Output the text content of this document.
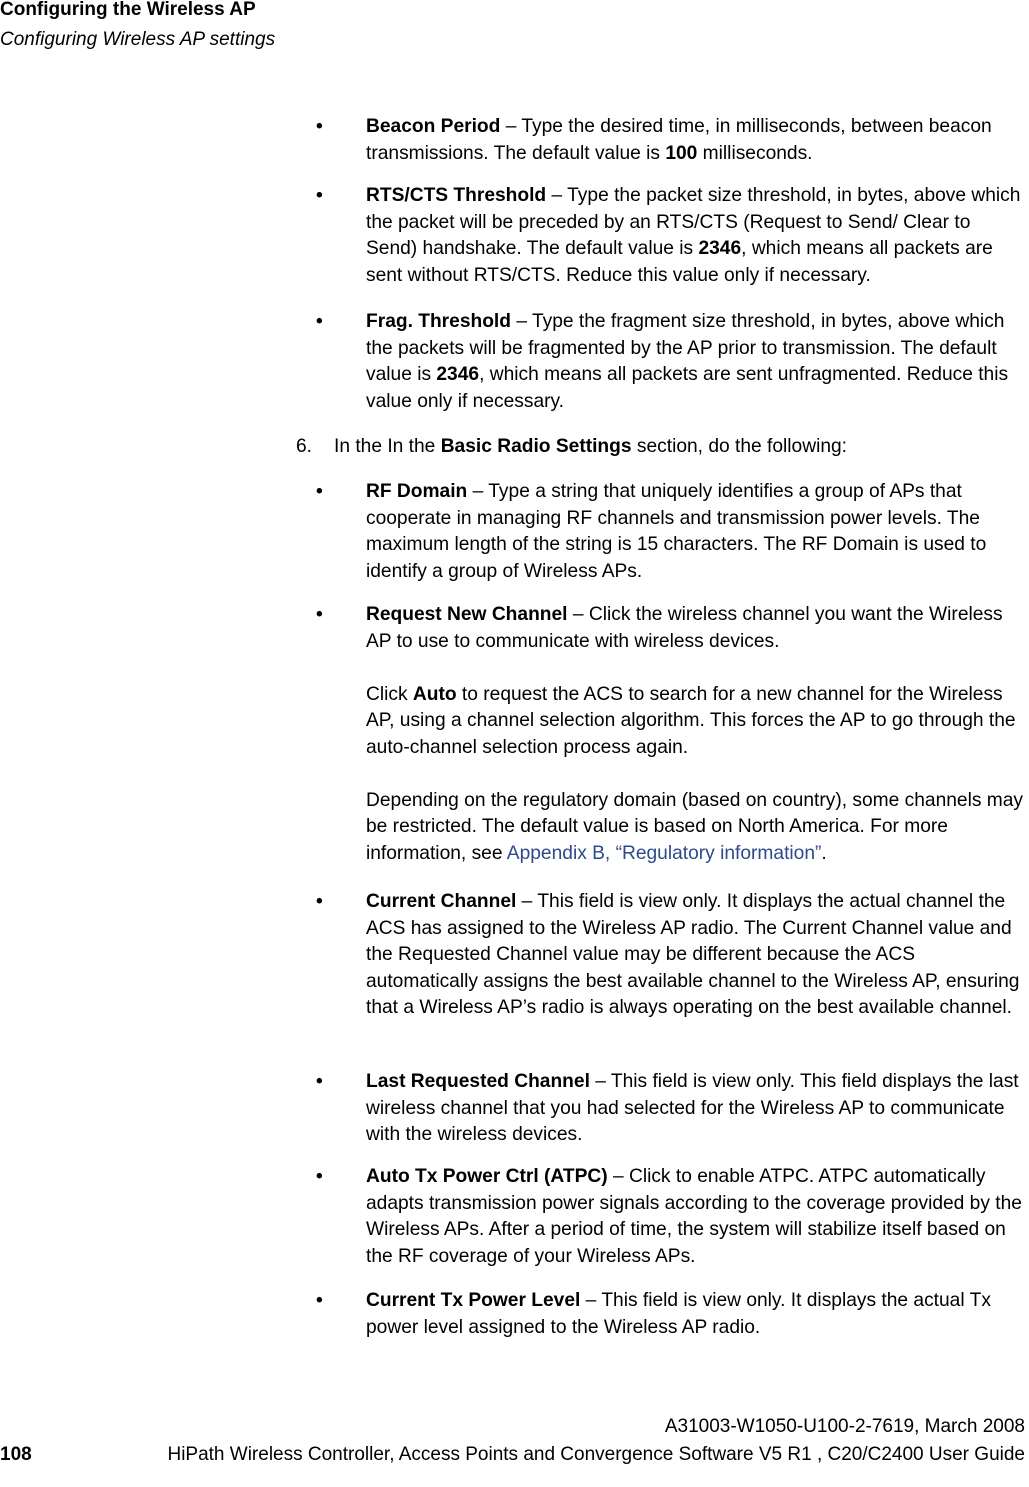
Configuring the Wireless AP
Configuring Wireless AP settings
• Beacon Period – Type the desired time, in milliseconds, between beacon transmissions. The default value is 100 milliseconds.

• RTS/CTS Threshold – Type the packet size threshold, in bytes, above which the packet will be preceded by an RTS/CTS (Request to Send/ Clear to Send) handshake. The default value is 2346, which means all packets are sent without RTS/CTS. Reduce this value only if necessary.

• Frag. Threshold – Type the fragment size threshold, in bytes, above which the packets will be fragmented by the AP prior to transmission. The default value is 2346, which means all packets are sent unfragmented. Reduce this value only if necessary.

6. In the In the Basic Radio Settings section, do the following:
• RF Domain – Type a string that uniquely identifies a group of APs that cooperate in managing RF channels and transmission power levels. The maximum length of the string is 15 characters. The RF Domain is used to identify a group of Wireless APs.

• Request New Channel – Click the wireless channel you want the Wireless AP to use to communicate with wireless devices.

Click Auto to request the ACS to search for a new channel for the Wireless AP, using a channel selection algorithm. This forces the AP to go through the auto-channel selection process again.

Depending on the regulatory domain (based on country), some channels may be restricted. The default value is based on North America. For more information, see Appendix B, “Regulatory information”.

• Current Channel – This field is view only. It displays the actual channel the ACS has assigned to the Wireless AP radio. The Current Channel value and the Requested Channel value may be different because the ACS automatically assigns the best available channel to the Wireless AP, ensuring that a Wireless AP’s radio is always operating on the best available channel.

• Last Requested Channel – This field is view only. This field displays the last wireless channel that you had selected for the Wireless AP to communicate with the wireless devices.

• Auto Tx Power Ctrl (ATPC) – Click to enable ATPC. ATPC automatically adapts transmission power signals according to the coverage provided by the Wireless APs. After a period of time, the system will stabilize itself based on the RF coverage of your Wireless APs.

• Current Tx Power Level – This field is view only. It displays the actual Tx power level assigned to the Wireless AP radio.

A31003-W1050-U100-2-7619, March 2008
108	HiPath Wireless Controller, Access Points and Convergence Software V5 R1 , C20/C2400 User Guide
